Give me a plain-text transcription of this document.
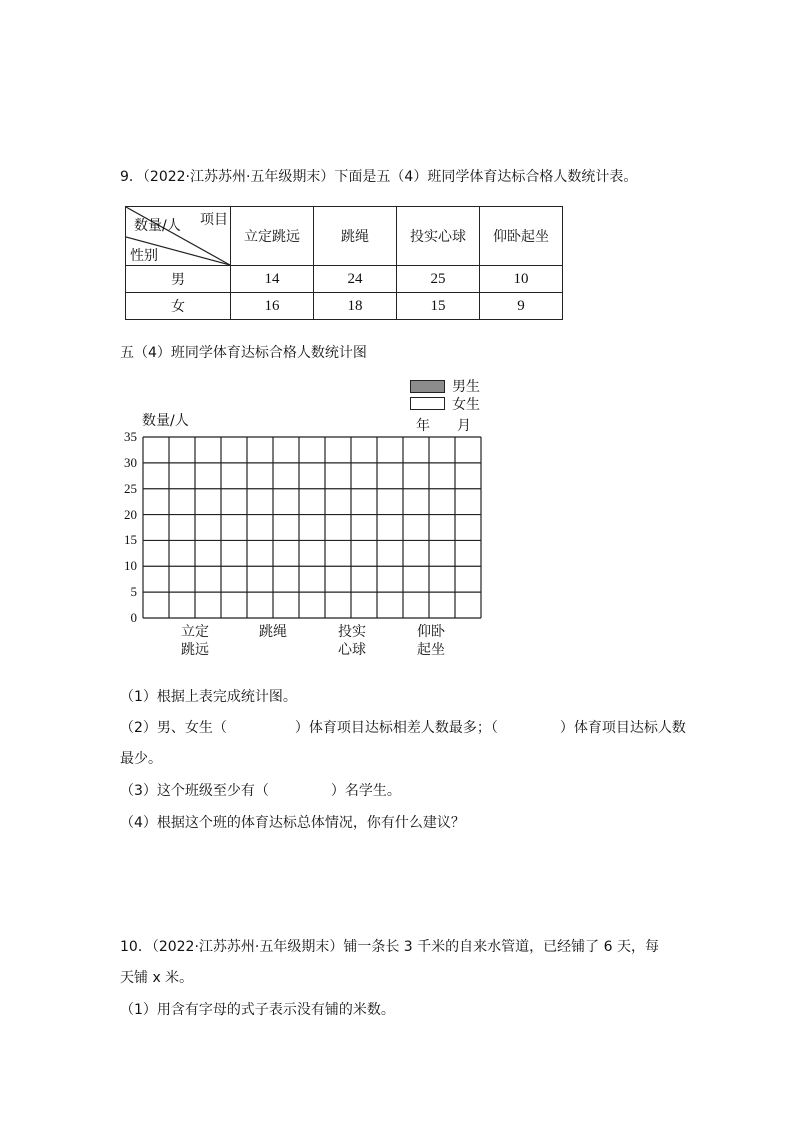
9．（2022·江苏苏州·五年级期末）下面是五（4）班同学体育达标合格人数统计表。
项目
数量/人
性别	立定跳远	跳绳	投实心球	仰卧起坐
男	14	24	25	10
女	16	18	15	9
五（4）班同学体育达标合格人数统计图
男生
女生
年 月
数量/人
0
5
10
15
20
25
30
35
立定
跳远
跳绳	投实
心球
仰卧
起坐
（1）根据上表完成统计图。
（2）男、女生（	）体育项目达标相差人数最多；（	）体育项目达标人数
最少。
（3）这个班级至少有（	）名学生。
（4）根据这个班的体育达标总体情况，你有什么建议？
10．（2022·江苏苏州·五年级期末）铺一条长 3 千米的自来水管道，已经铺了 6 天，每
天铺 x 米。
（1）用含有字母的式子表示没有铺的米数。
